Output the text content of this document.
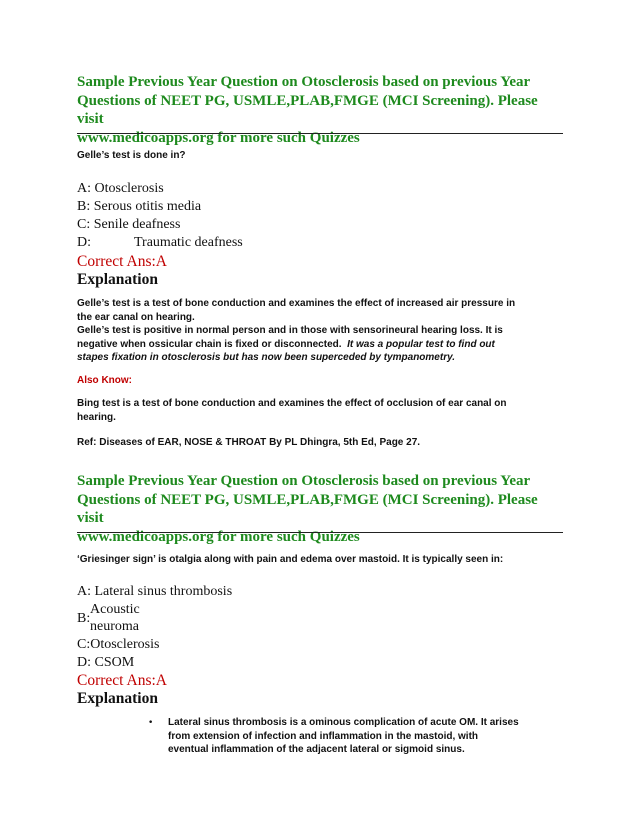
Sample Previous Year Question on Otosclerosis based on previous Year
Questions of NEET PG, USMLE,PLAB,FMGE (MCI Screening). Please visit
www.medicoapps.org for more such Quizzes
Gelle’s test is done in?
A: Otosclerosis
B: Serous otitis media
C: Senile deafness
D:	Traumatic deafness
Correct Ans:A
Explanation
Gelle’s test is a test of bone conduction and examines the effect of increased air pressure in
the ear canal on hearing.
Gelle’s test is positive in normal person and in those with sensorineural hearing loss. It is
negative when ossicular chain is fixed or disconnected. It was a popular test to find out
stapes fixation in otosclerosis but has now been superceded by tympanometry.
Also Know:
Bing test is a test of bone conduction and examines the effect of occlusion of ear canal on
hearing.
Ref: Diseases of EAR, NOSE & THROAT By PL Dhingra, 5th Ed, Page 27.
Sample Previous Year Question on Otosclerosis based on previous Year
Questions of NEET PG, USMLE,PLAB,FMGE (MCI Screening). Please visit
www.medicoapps.org for more such Quizzes
‘Griesinger sign’ is otalgia along with pain and edema over mastoid. It is typically seen in:
A: Lateral sinus thrombosis
B:
Acoustic
neuroma
C:Otosclerosis
D: CSOM
Correct Ans:A
Explanation
• Lateral sinus thrombosis is a ominous complication of acute OM. It arises
from extension of infection and inflammation in the mastoid, with
eventual inflammation of the adjacent lateral or sigmoid sinus.
